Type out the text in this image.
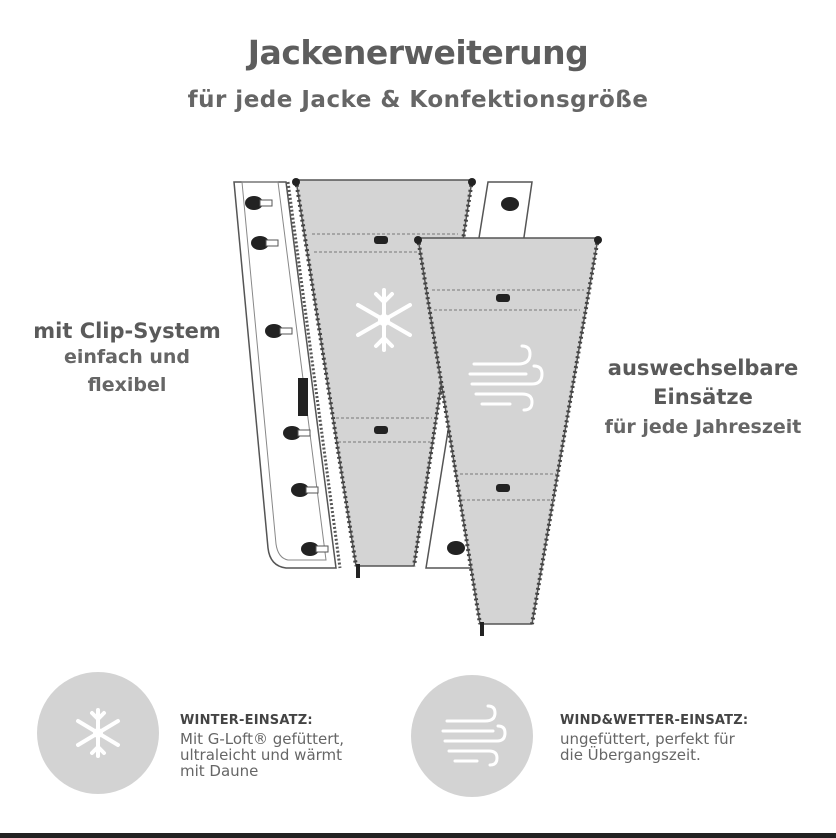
Jackenerweiterung
für jede Jacke & Konfektionsgröße
mit Clip-System
einfach und
flexibel
auswechselbare
Einsätze
für jede Jahreszeit
WINTER-EINSATZ:
Mit G-Loft® gefüttert,
ultraleicht und wärmt
mit Daune
WIND&WETTER-EINSATZ:
ungefüttert, perfekt für
die Übergangszeit.
